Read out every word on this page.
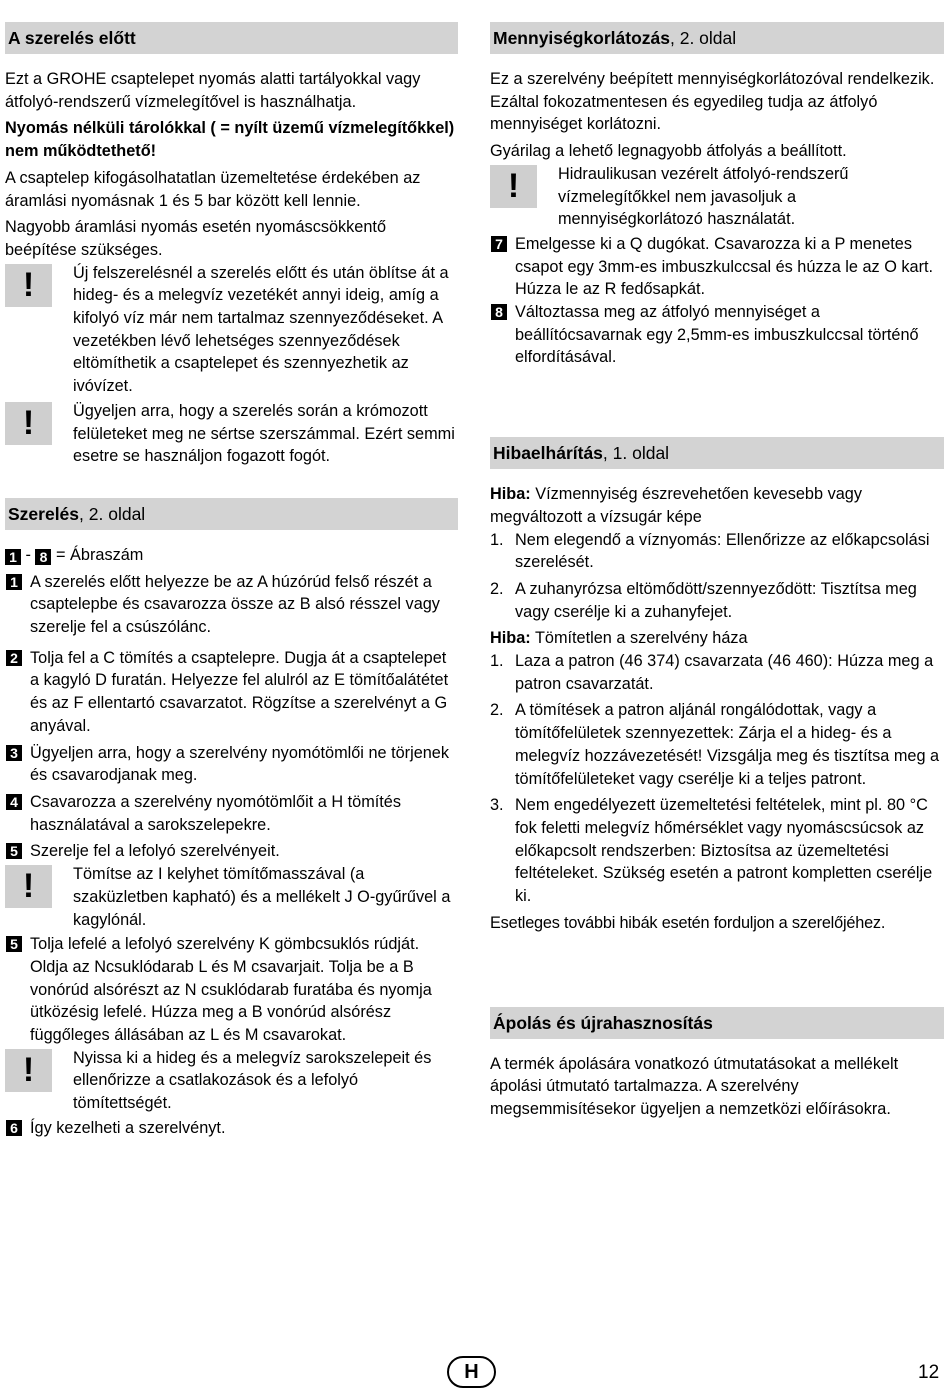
A szerelés előtt

Ezt a GROHE csaptelepet nyomás alatti tartályokkal vagy átfolyó-rendszerű vízmelegítővel is használhatja.

Nyomás nélküli tárolókkal ( = nyílt üzemű vízmelegítőkkel) nem működtethető!

A csaptelep kifogásolhatatlan üzemeltetése érdekében az áramlási nyomásnak 1 és 5 bar között kell lennie.

Nagyobb áramlási nyomás esetén nyomáscsökkentő beépítése szükséges.

!	Új felszerelésnél a szerelés előtt és után öblítse át a hideg- és a melegvíz vezetékét annyi ideig, amíg a kifolyó víz már nem tartalmaz szennyeződéseket. A vezetékben lévő lehetséges szennyeződések eltömíthetik a csaptelepet és szennyezhetik az ivóvízet.
!	Ügyeljen arra, hogy a szerelés során a krómozott felületeket meg ne sértse szerszámmal. Ezért semmi esetre se használjon fogazott fogót.
Szerelés, 2. oldal

1 - 8 = Ábraszám

1 A szerelés előtt helyezze be az A húzórúd felső részét a csaptelepbe és csavarozza össze az B alsó résszel vagy szerelje fel a csúszólánc.
2 Tolja fel a C tömítés a csaptelepre. Dugja át a csaptelepet a kagyló D furatán. Helyezze fel alulról az E tömítőalátétet és az F ellentartó csavarzatot. Rögzítse a szerelvényt a G anyával.
3 Ügyeljen arra, hogy a szerelvény nyomótömlői ne törjenek és csavarodjanak meg.
4 Csavarozza a szerelvény nyomótömlőit a H tömítés használatával a sarokszelepekre.
5 Szerelje fel a lefolyó szerelvényeit.
!	Tömítse az I kelyhet tömítőmasszával (a szaküzletben kapható) és a mellékelt J O-gyűrűvel a kagylónál.
5 Tolja lefelé a lefolyó szerelvény K gömbcsuklós rúdját. Oldja az Ncsuklódarab L és M csavarjait. Tolja be a B vonórúd alsórészt az N csuklódarab furatába és nyomja ütközésig lefelé. Húzza meg a B vonórúd alsórész függőleges állásában az L és M csavarokat.
!	Nyissa ki a hideg és a melegvíz sarokszelepeit és ellenőrizze a csatlakozások és a lefolyó tömítettségét.
6 Így kezelheti a szerelvényt.
Mennyiségkorlátozás, 2. oldal

Ez a szerelvény beépített mennyiségkorlátozóval rendelkezik. Ezáltal fokozatmentesen és egyedileg tudja az átfolyó mennyiséget korlátozni.

Gyárilag a lehető legnagyobb átfolyás a beállított.

!	Hidraulikusan vezérelt átfolyó-rendszerű vízmelegítőkkel nem javasoljuk a mennyiségkorlátozó használatát.
7 Emelgesse ki a Q dugókat. Csavarozza ki a P menetes csapot egy 3mm-es imbuszkulccsal és húzza le az O kart. Húzza le az R fedősapkát.
8 Változtassa meg az átfolyó mennyiséget a beállítócsavarnak egy 2,5mm-es imbuszkulccsal történő elfordításával.
Hibaelhárítás, 1. oldal

Hiba: Vízmennyiség észrevehetően kevesebb vagy megváltozott a vízsugár képe

1. Nem elegendő a víznyomás: Ellenőrizze az előkapcsolási szerelését.
2. A zuhanyrózsa eltömődött/szennyeződött: Tisztítsa meg vagy cserélje ki a zuhanyfejet.

Hiba: Tömítetlen a szerelvény háza

1. Laza a patron (46 374) csavarzata (46 460): Húzza meg a patron csavarzatát.
2. A tömítések a patron aljánál rongálódottak, vagy a tömítőfelületek szennyezettek: Zárja el a hideg- és a melegvíz hozzávezetését! Vizsgálja meg és tisztítsa meg a tömítőfelületeket vagy cserélje ki a teljes patront.
3. Nem engedélyezett üzemeltetési feltételek, mint pl. 80 °C fok feletti melegvíz hőmérséklet vagy nyomáscsúcsok az előkapcsolt rendszerben: Biztosítsa az üzemeltetési feltételeket. Szükség esetén a patront kompletten cserélje ki.

Esetleges további hibák esetén forduljon a szerelőjéhez.

Ápolás és újrahasznosítás

A termék ápolására vonatkozó útmutatásokat a mellékelt ápolási útmutató tartalmazza. A szerelvény megsemmisítésekor ügyeljen a nemzetközi előírásokra.

H	12
